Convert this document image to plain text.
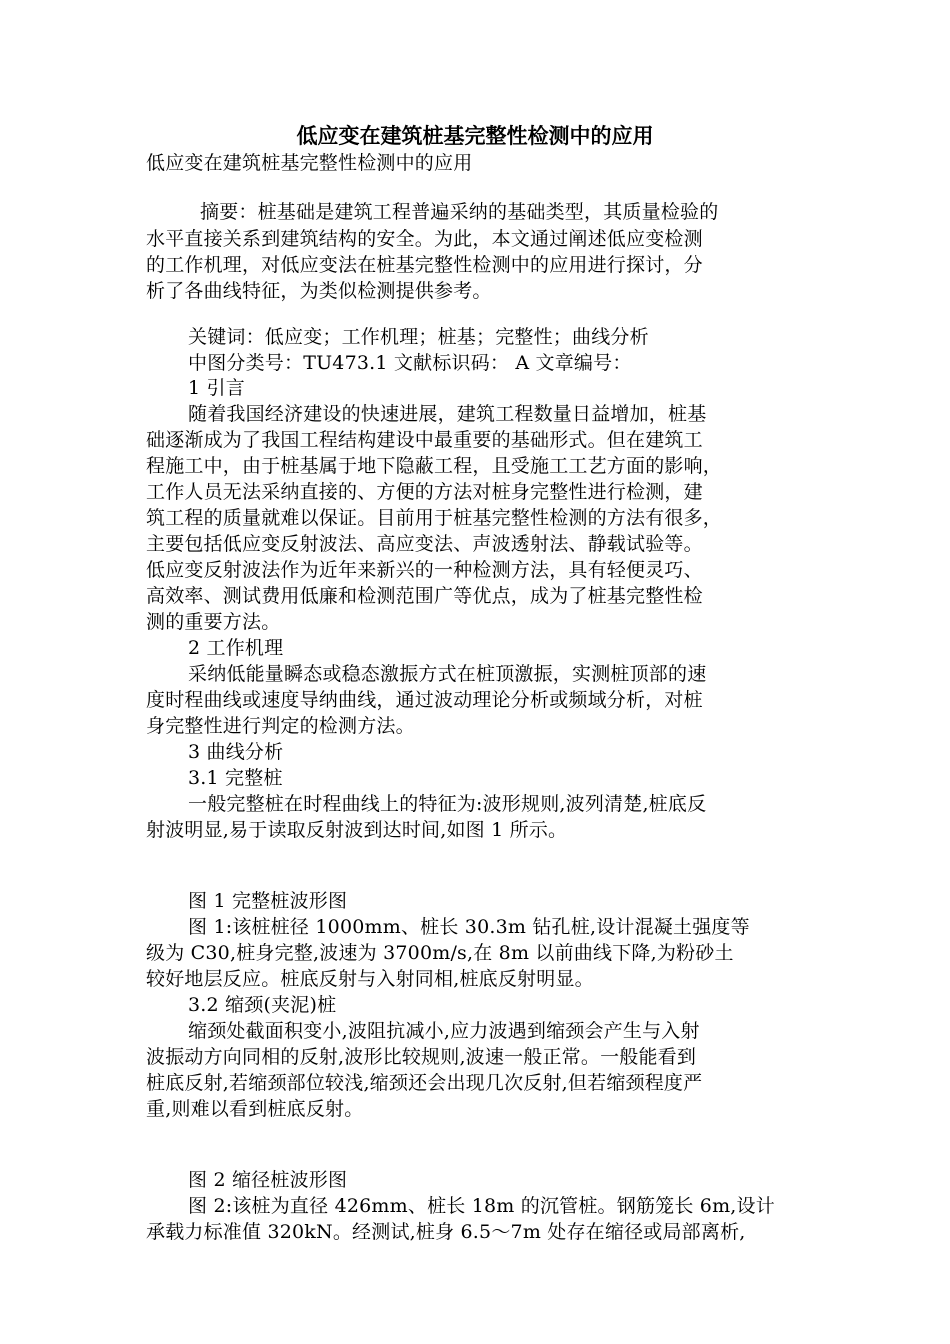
低应变在建筑桩基完整性检测中的应用
低应变在建筑桩基完整性检测中的应用
摘要：桩基础是建筑工程普遍采纳的基础类型，其质量检验的
水平直接关系到建筑结构的安全。为此，本文通过阐述低应变检测
的工作机理，对低应变法在桩基完整性检测中的应用进行探讨，分
析了各曲线特征，为类似检测提供参考。
关键词：低应变；工作机理；桩基；完整性；曲线分析
中图分类号：TU473.1 文献标识码： A 文章编号：
1 引言
随着我国经济建设的快速进展，建筑工程数量日益增加，桩基
础逐渐成为了我国工程结构建设中最重要的基础形式。但在建筑工
程施工中，由于桩基属于地下隐蔽工程，且受施工工艺方面的影响，
工作人员无法采纳直接的、方便的方法对桩身完整性进行检测，建
筑工程的质量就难以保证。目前用于桩基完整性检测的方法有很多，
主要包括低应变反射波法、高应变法、声波透射法、静载试验等。
低应变反射波法作为近年来新兴的一种检测方法，具有轻便灵巧、
高效率、测试费用低廉和检测范围广等优点，成为了桩基完整性检
测的重要方法。
2 工作机理
采纳低能量瞬态或稳态激振方式在桩顶激振，实测桩顶部的速
度时程曲线或速度导纳曲线，通过波动理论分析或频域分析，对桩
身完整性进行判定的检测方法。
3 曲线分析
3.1 完整桩
一般完整桩在时程曲线上的特征为:波形规则,波列清楚,桩底反
射波明显,易于读取反射波到达时间,如图 1 所示。
图 1 完整桩波形图
图 1:该桩桩径 1000mm、桩长 30.3m 钻孔桩,设计混凝土强度等
级为 C30,桩身完整,波速为 3700m/s,在 8m 以前曲线下降,为粉砂土
较好地层反应。桩底反射与入射同相,桩底反射明显。
3.2 缩颈(夹泥)桩
缩颈处截面积变小,波阻抗减小,应力波遇到缩颈会产生与入射
波振动方向同相的反射,波形比较规则,波速一般正常。一般能看到
桩底反射,若缩颈部位较浅,缩颈还会出现几次反射,但若缩颈程度严
重,则难以看到桩底反射。
图 2 缩径桩波形图
图 2:该桩为直径 426mm、桩长 18m 的沉管桩。钢筋笼长 6m,设计
承载力标准值 320kN。经测试,桩身 6.5～7m 处存在缩径或局部离析,
